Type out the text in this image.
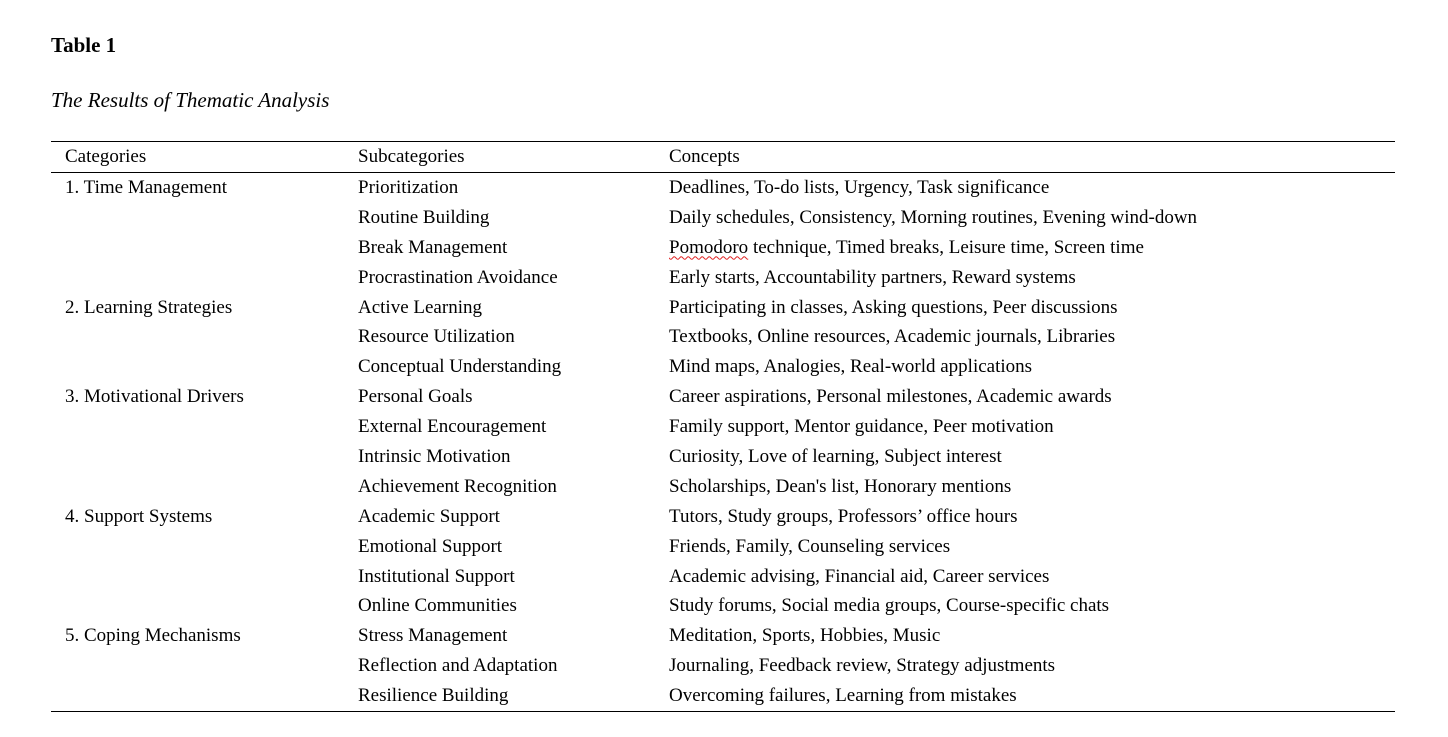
Table 1
The Results of Thematic Analysis
Categories	Subcategories	Concepts
1. Time Management	Prioritization	Deadlines, To-do lists, Urgency, Task significance
	Routine Building	Daily schedules, Consistency, Morning routines, Evening wind-down
	Break Management	Pomodoro technique, Timed breaks, Leisure time, Screen time
	Procrastination Avoidance	Early starts, Accountability partners, Reward systems
2. Learning Strategies	Active Learning	Participating in classes, Asking questions, Peer discussions
	Resource Utilization	Textbooks, Online resources, Academic journals, Libraries
	Conceptual Understanding	Mind maps, Analogies, Real-world applications
3. Motivational Drivers	Personal Goals	Career aspirations, Personal milestones, Academic awards
	External Encouragement	Family support, Mentor guidance, Peer motivation
	Intrinsic Motivation	Curiosity, Love of learning, Subject interest
	Achievement Recognition	Scholarships, Dean's list, Honorary mentions
4. Support Systems	Academic Support	Tutors, Study groups, Professors’ office hours
	Emotional Support	Friends, Family, Counseling services
	Institutional Support	Academic advising, Financial aid, Career services
	Online Communities	Study forums, Social media groups, Course-specific chats
5. Coping Mechanisms	Stress Management	Meditation, Sports, Hobbies, Music
	Reflection and Adaptation	Journaling, Feedback review, Strategy adjustments
	Resilience Building	Overcoming failures, Learning from mistakes
